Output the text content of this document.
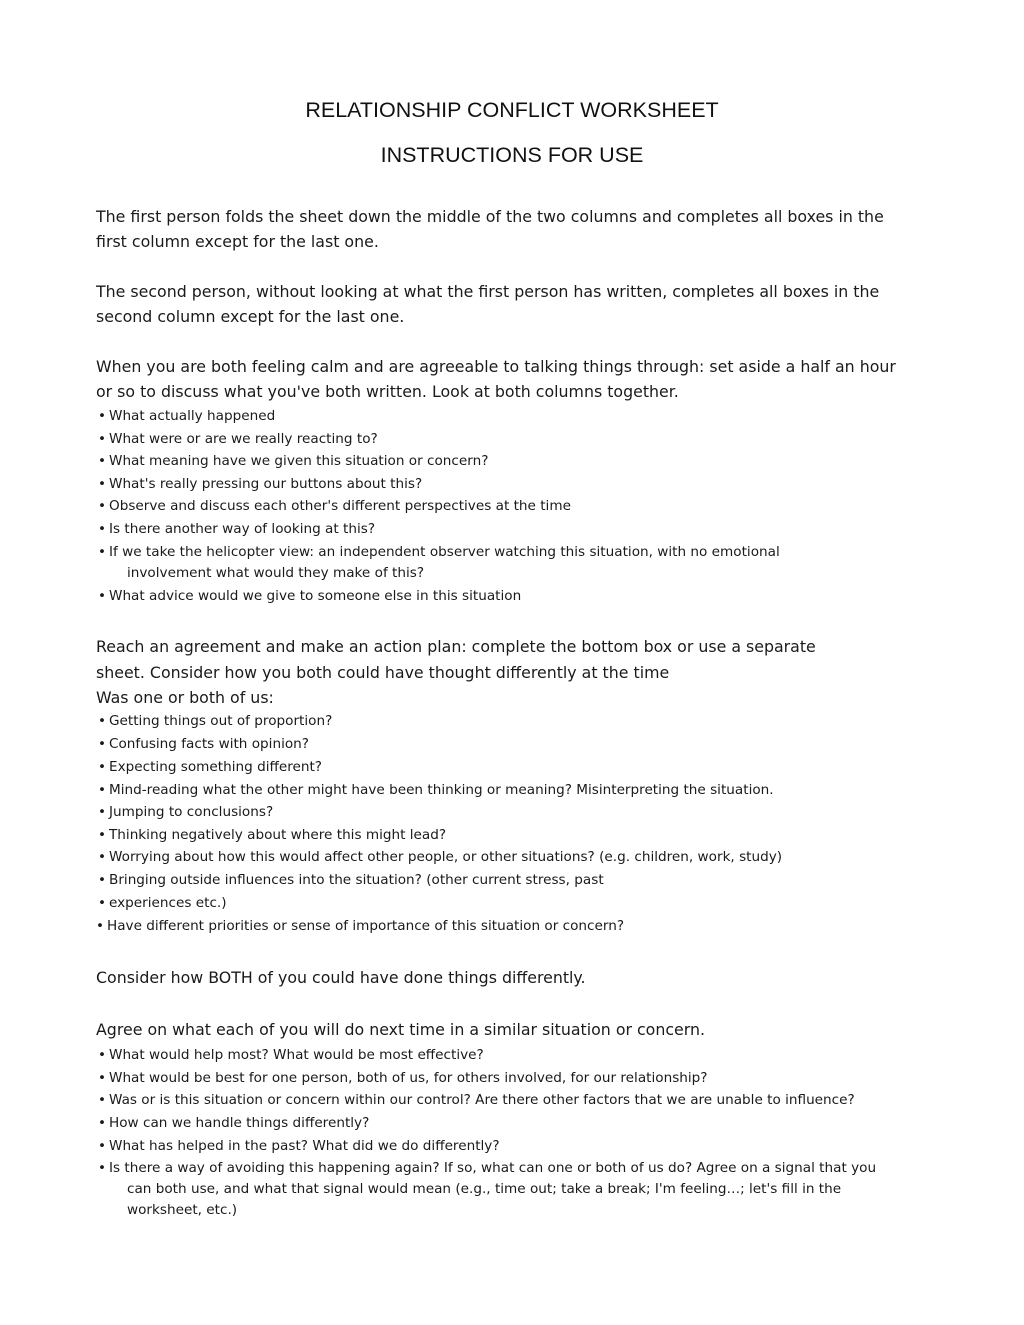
RELATIONSHIP CONFLICT WORKSHEET
INSTRUCTIONS FOR USE

The first person folds the sheet down the middle of the two columns and completes all boxes in the
first column except for the last one.

The second person, without looking at what the first person has written, completes all boxes in the
second column except for the last one.

When you are both feeling calm and are agreeable to talking things through: set aside a half an hour
or so to discuss what you've both written. Look at both columns together.

• What actually happened

• What were or are we really reacting to?

• What meaning have we given this situation or concern?

• What's really pressing our buttons about this?

• Observe and discuss each other's different perspectives at the time

• Is there another way of looking at this?

• If we take the helicopter view: an independent observer watching this situation, with no emotional

involvement what would they make of this?

• What advice would we give to someone else in this situation

Reach an agreement and make an action plan: complete the bottom box or use a separate
sheet. Consider how you both could have thought differently at the time
Was one or both of us:

• Getting things out of proportion?

• Confusing facts with opinion?

• Expecting something different?

• Mind-reading what the other might have been thinking or meaning? Misinterpreting the situation.

• Jumping to conclusions?

• Thinking negatively about where this might lead?

• Worrying about how this would affect other people, or other situations? (e.g. children, work, study)

• Bringing outside influences into the situation? (other current stress, past

• experiences etc.)

• Have different priorities or sense of importance of this situation or concern?

Consider how BOTH of you could have done things differently.

Agree on what each of you will do next time in a similar situation or concern.

• What would help most? What would be most effective?

• What would be best for one person, both of us, for others involved, for our relationship?

• Was or is this situation or concern within our control? Are there other factors that we are unable to influence?

• How can we handle things differently?

• What has helped in the past? What did we do differently?

• Is there a way of avoiding this happening again? If so, what can one or both of us do? Agree on a signal that you

can both use, and what that signal would mean (e.g., time out; take a break; I'm feeling…; let's fill in the

worksheet, etc.)
